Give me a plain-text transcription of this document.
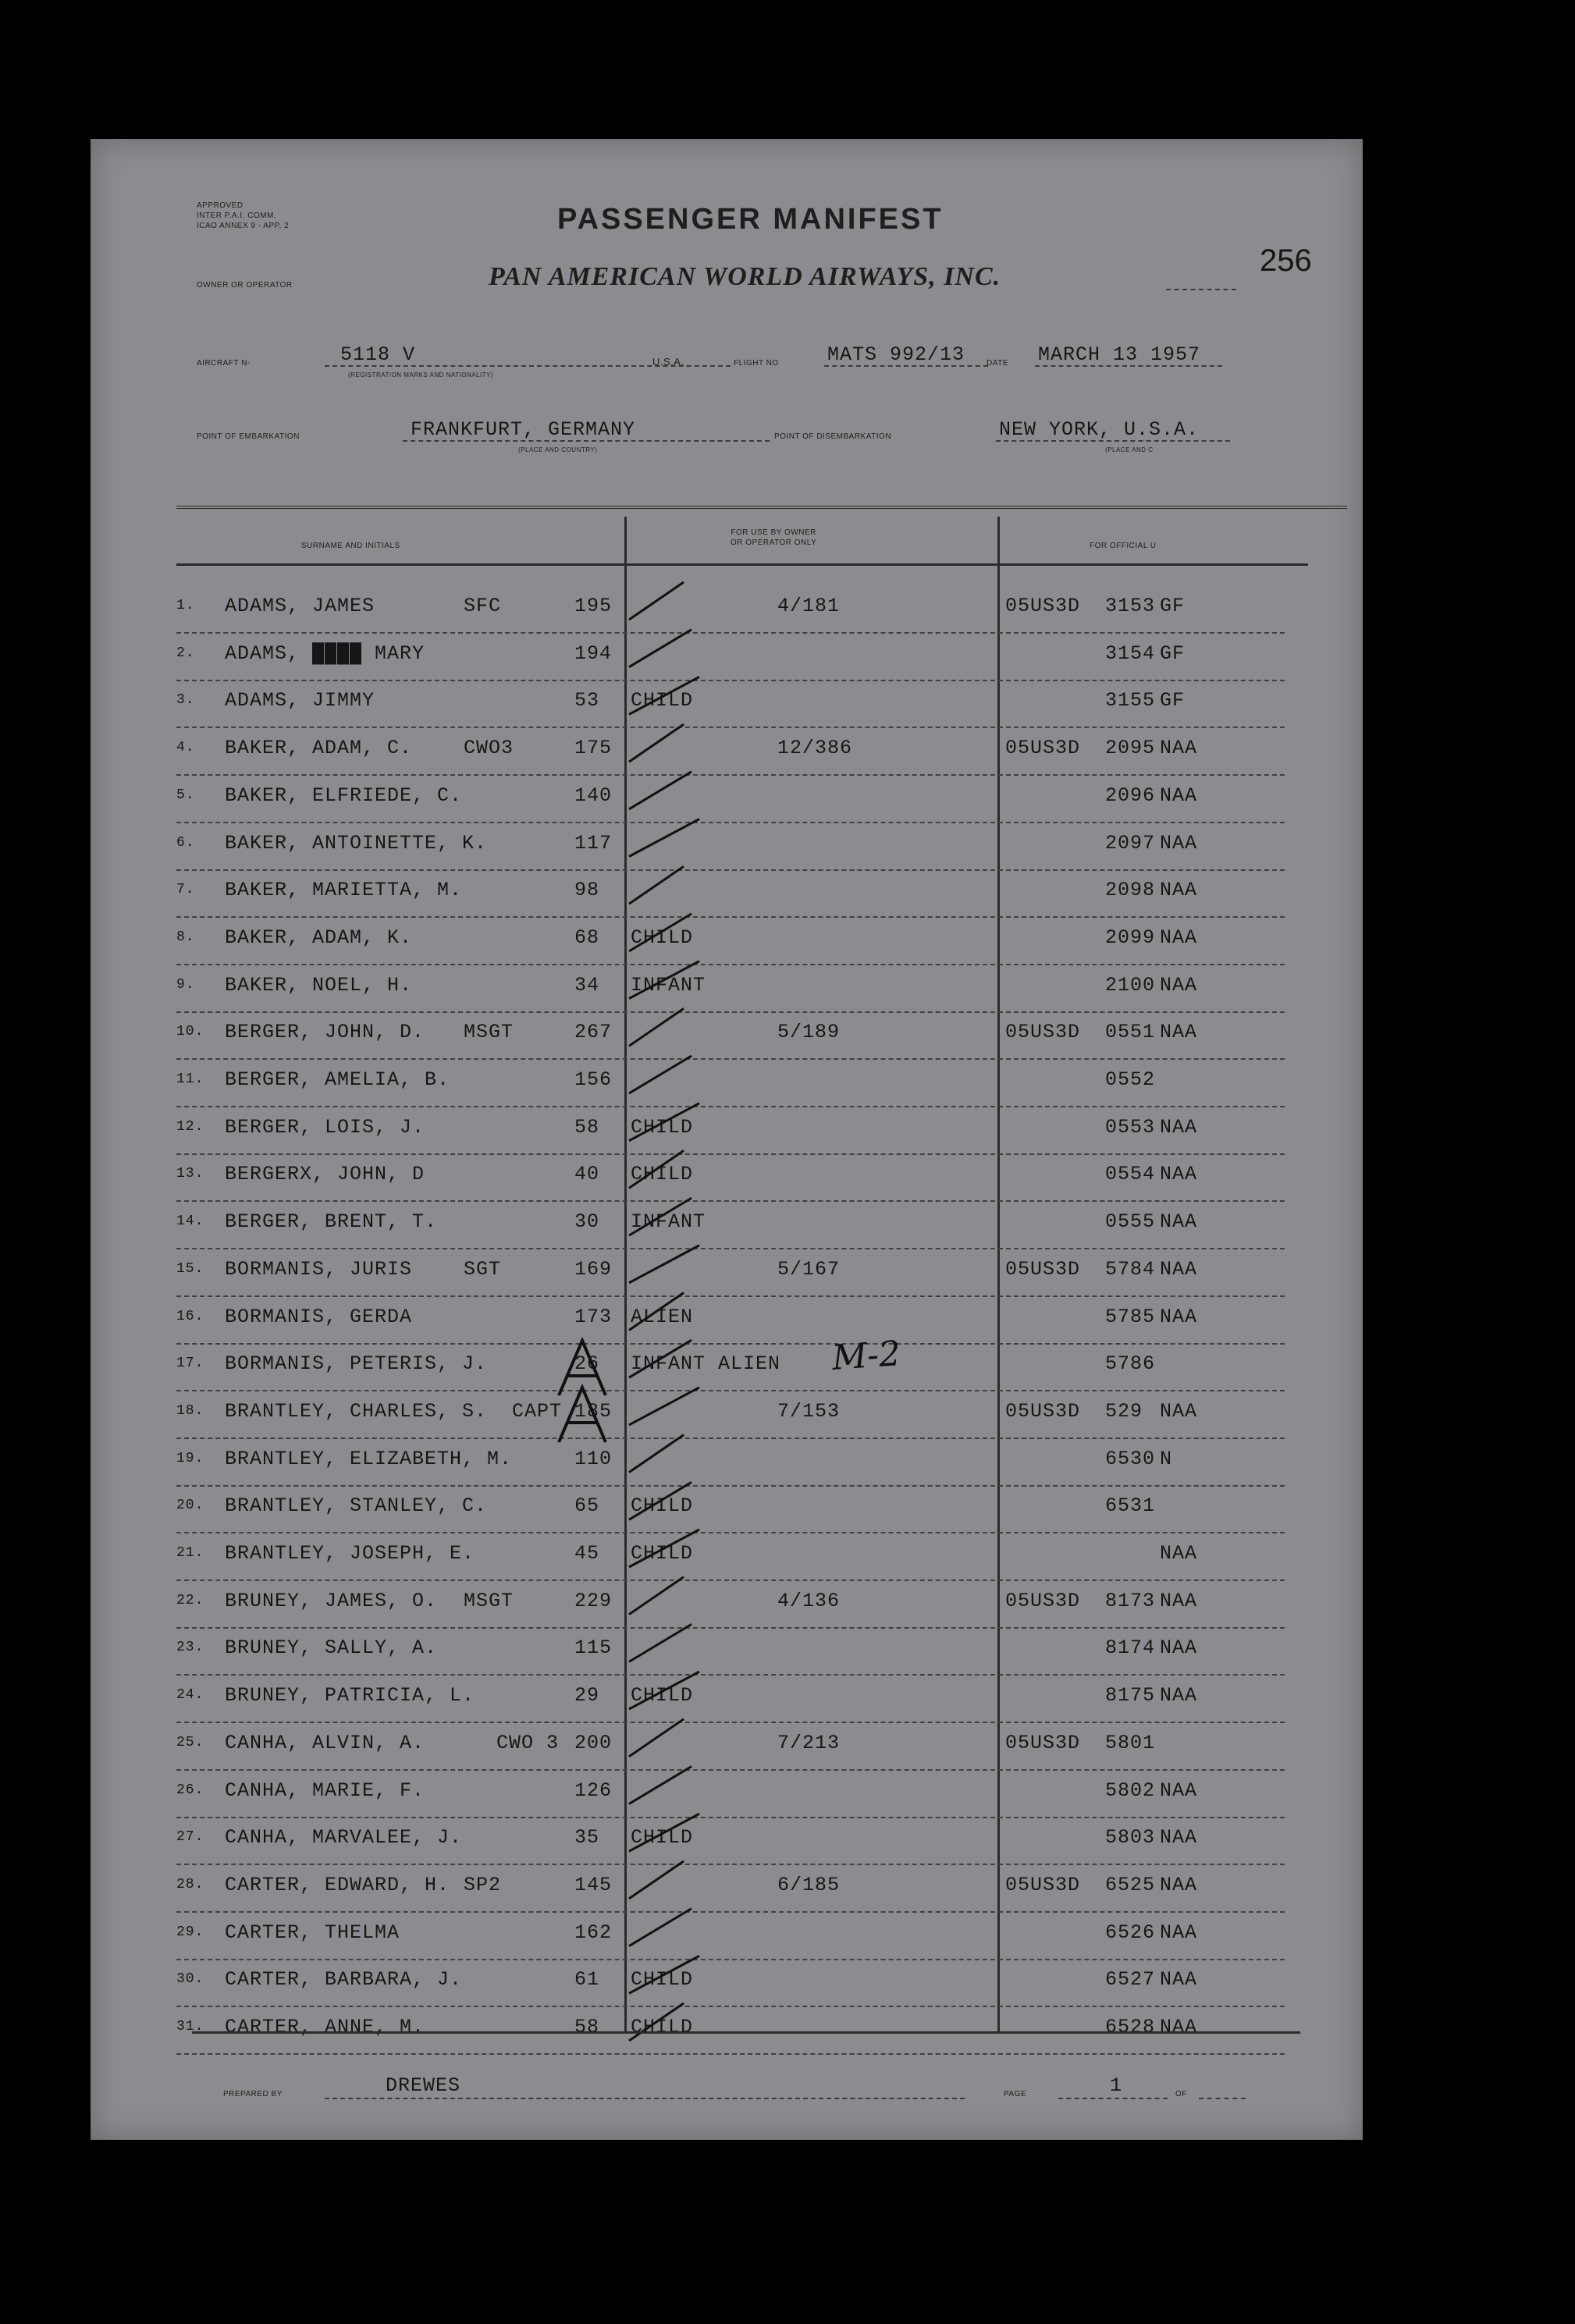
APPROVED
INTER P.A.I. COMM.
ICAO ANNEX 9 - APP. 2	PASSENGER MANIFEST
256
OWNER OR OPERATOR	PAN AMERICAN WORLD AIRWAYS, INC.
AIRCRAFT N-	5118 V
(REGISTRATION MARKS AND NATIONALITY)
U.S.A.	FLIGHT NO MATS 992/13	DATE MARCH 13 1957
POINT OF EMBARKATION	FRANKFURT, GERMANY
(PLACE AND COUNTRY)
POINT OF DISEMBARKATION	NEW YORK, U.S.A.
(PLACE AND C
SURNAME AND INITIALS
FOR USE BY OWNER
OR OPERATOR ONLY	FOR OFFICIAL U
1. ADAMS, JAMES	SFC	195	4/181	05US3D 3153 GF
2. ADAMS, ████ MARY	194	3154 GF
3. ADAMS, JIMMY	53 CHILD	3155 GF
4. BAKER, ADAM, C.	CWO3	175	12/386	05US3D 2095 NAA
5. BAKER, ELFRIEDE, C.	140	2096 NAA
6. BAKER, ANTOINETTE, K.	117	2097 NAA
7. BAKER, MARIETTA, M.	98	2098 NAA
8. BAKER, ADAM, K.	68 CHILD	2099 NAA
9. BAKER, NOEL, H.	34 INFANT	2100 NAA
10. BERGER, JOHN, D. MSGT	267	5/189	05US3D 0551 NAA
11. BERGER, AMELIA, B.	156	0552
12. BERGER, LOIS, J.	58 CHILD	0553 NAA
13. BERGERX, JOHN, D	40 CHILD	0554 NAA
14. BERGER, BRENT, T.	30 INFANT	0555 NAA
15. BORMANIS, JURIS	SGT	169	5/167	05US3D 5784 NAA
16. BORMANIS, GERDA	173 ALIEN	5785 NAA
17. BORMANIS, PETERIS, J.	26 INFANT ALIEN	5786
18. BRANTLEY, CHARLES, S. CAPT 185	7/153	05US3D 529 NAA
19. BRANTLEY, ELIZABETH, M.	110	6530 N
20. BRANTLEY, STANLEY, C.	65 CHILD	6531
21. BRANTLEY, JOSEPH, E.	45 CHILD	NAA
22. BRUNEY, JAMES, O. MSGT	229	4/136	05US3D 8173 NAA
23. BRUNEY, SALLY, A.	115	8174 NAA
24. BRUNEY, PATRICIA, L.	29 CHILD	8175 NAA
25. CANHA, ALVIN, A.	CWO 3 200	7/213	05US3D 5801
26. CANHA, MARIE, F.	126	5802 NAA
27. CANHA, MARVALEE, J.	35 CHILD	5803 NAA
28. CARTER, EDWARD, H. SP2	145	6/185	05US3D 6525 NAA
29. CARTER, THELMA	162	6526 NAA
30. CARTER, BARBARA, J.	61 CHILD	6527 NAA
31. CARTER, ANNE, M.	58 CHILD	6528 NAA
M-2
PREPARED BY	DREWES	PAGE	1	OF
